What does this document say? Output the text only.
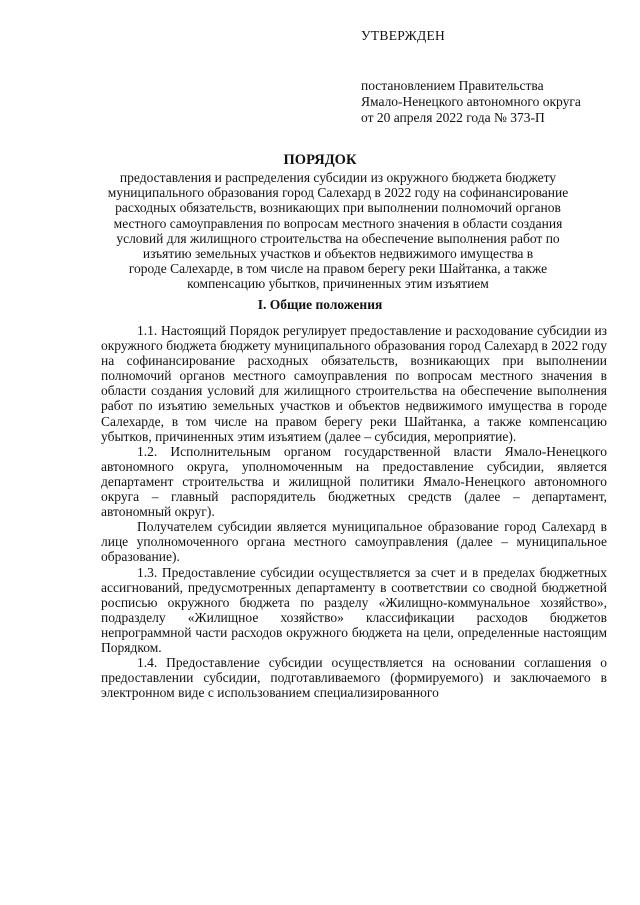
УТВЕРЖДЕН
постановлением Правительства
Ямало-Ненецкого автономного округа
от 20 апреля 2022 года № 373-П
ПОРЯДОК
предоставления и распределения субсидии из окружного бюджета бюджету
муниципального образования город Салехард в 2022 году на софинансирование
расходных обязательств, возникающих при выполнении полномочий органов
местного самоуправления по вопросам местного значения в области создания
условий для жилищного строительства на обеспечение выполнения работ по
изъятию земельных участков и объектов недвижимого имущества в
городе Салехарде, в том числе на правом берегу реки Шайтанка, а также
компенсацию убытков, причиненных этим изъятием
I. Общие положения

1.1. Настоящий Порядок регулирует предоставление и расходование субсидии из окружного бюджета бюджету муниципального образования город Салехард в 2022 году на софинансирование расходных обязательств, возникающих при выполнении полномочий органов местного самоуправления по вопросам местного значения в области создания условий для жилищного строительства на обеспечение выполнения работ по изъятию земельных участков и объектов недвижимого имущества в городе Салехарде, в том числе на правом берегу реки Шайтанка, а также компенсацию убытков, причиненных этим изъятием (далее – субсидия, мероприятие).

1.2. Исполнительным органом государственной власти Ямало-Ненецкого автономного округа, уполномоченным на предоставление субсидии, является департамент строительства и жилищной политики Ямало-Ненецкого автономного округа – главный распорядитель бюджетных средств (далее – департамент, автономный округ).

Получателем субсидии является муниципальное образование город Салехард в лице уполномоченного органа местного самоуправления (далее – муниципальное образование).

1.3. Предоставление субсидии осуществляется за счет и в пределах бюджетных ассигнований, предусмотренных департаменту в соответствии со сводной бюджетной росписью окружного бюджета по разделу «Жилищно-коммунальное хозяйство», подразделу «Жилищное хозяйство» классификации расходов бюджетов непрограммной части расходов окружного бюджета на цели, определенные настоящим Порядком.

1.4. Предоставление субсидии осуществляется на основании соглашения о предоставлении субсидии, подготавливаемого (формируемого) и заключаемого в электронном виде с использованием специализированного
